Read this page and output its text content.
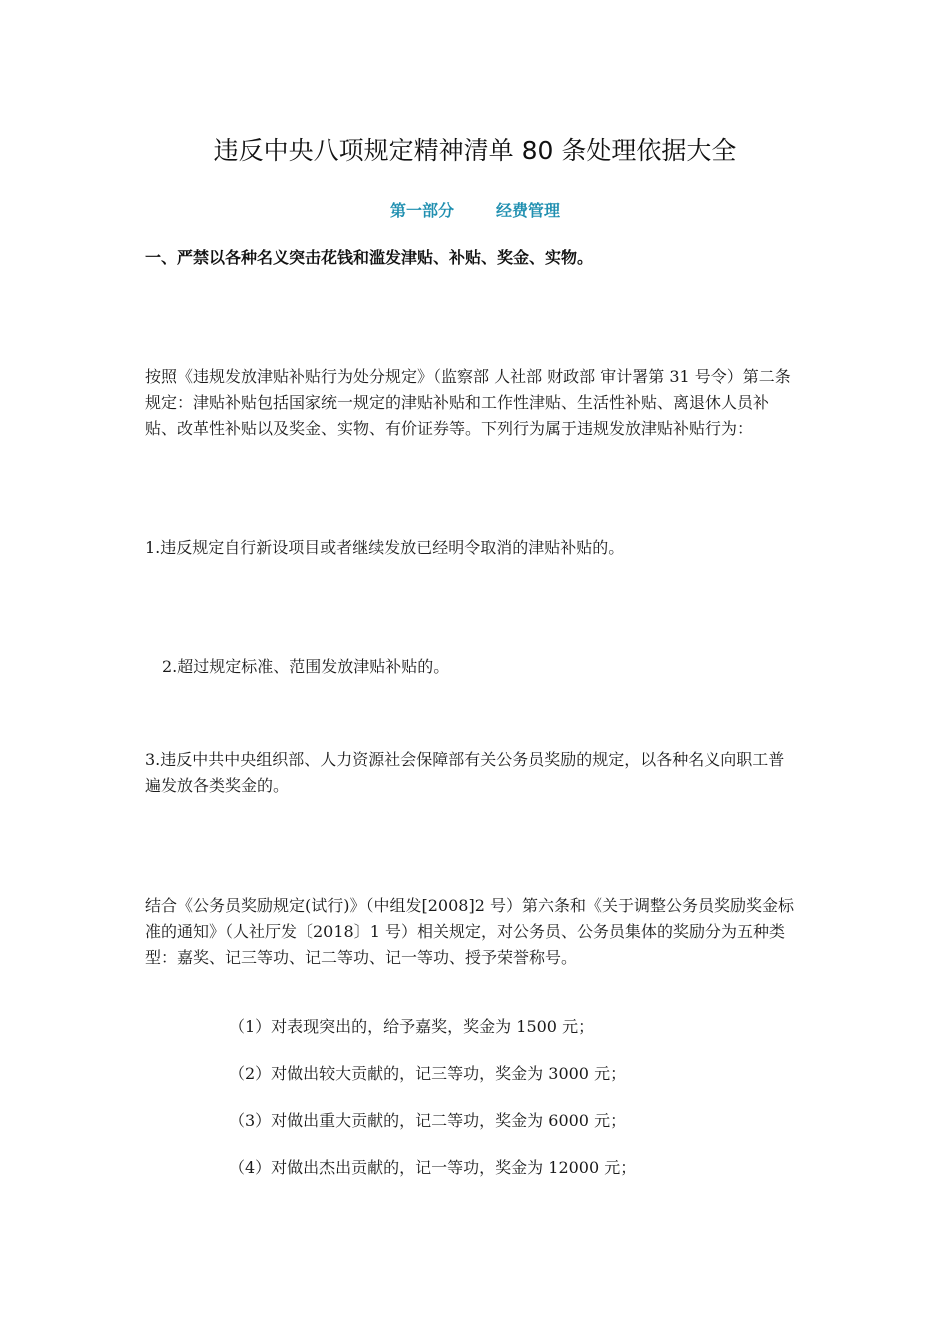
违反中央八项规定精神清单 80 条处理依据大全
第一部分	经费管理
一、严禁以各种名义突击花钱和滥发津贴、补贴、奖金、实物。
按照《违规发放津贴补贴行为处分规定》（监察部 人社部 财政部 审计署第 31 号令）第二条规定：津贴补贴包括国家统一规定的津贴补贴和工作性津贴、生活性补贴、离退休人员补贴、改革性补贴以及奖金、实物、有价证券等。下列行为属于违规发放津贴补贴行为：
1.违反规定自行新设项目或者继续发放已经明令取消的津贴补贴的。
2.超过规定标准、范围发放津贴补贴的。
3.违反中共中央组织部、人力资源社会保障部有关公务员奖励的规定，以各种名义向职工普遍发放各类奖金的。
结合《公务员奖励规定(试行)》（中组发[2008]2 号）第六条和《关于调整公务员奖励奖金标准的通知》（人社厅发〔2018〕1 号）相关规定，对公务员、公务员集体的奖励分为五种类型：嘉奖、记三等功、记二等功、记一等功、授予荣誉称号。
（1）对表现突出的，给予嘉奖，奖金为 1500 元；
（2）对做出较大贡献的，记三等功，奖金为 3000 元；
（3）对做出重大贡献的，记二等功，奖金为 6000 元；
（4）对做出杰出贡献的，记一等功，奖金为 12000 元；
